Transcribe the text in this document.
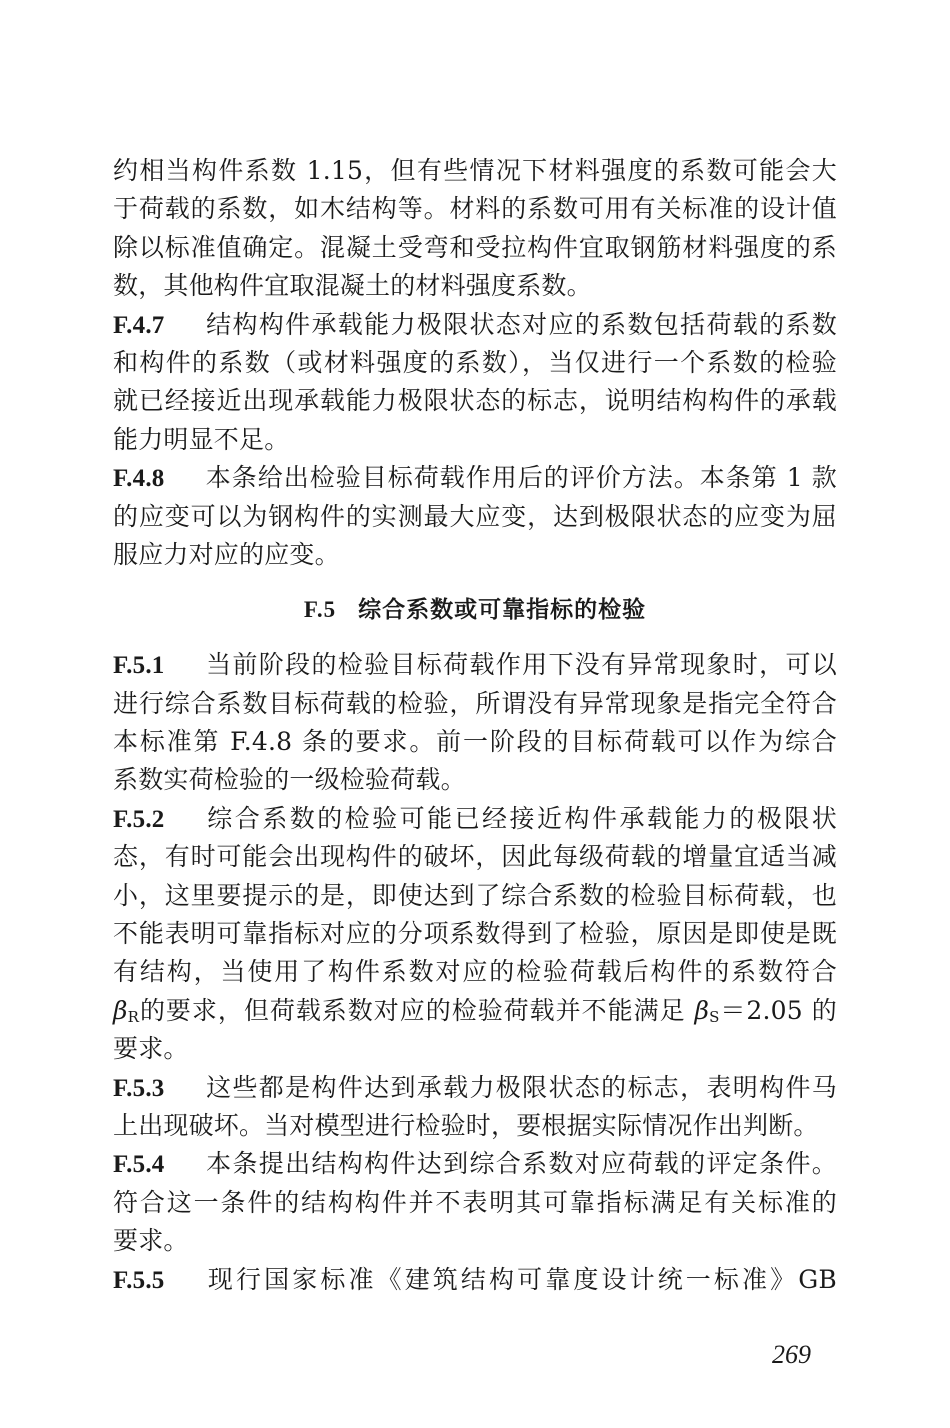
约相当构件系数 1.15，但有些情况下材料强度的系数可能会大
于荷载的系数，如木结构等。材料的系数可用有关标准的设计值
除以标准值确定。混凝土受弯和受拉构件宜取钢筋材料强度的系
数，其他构件宜取混凝土的材料强度系数。
F.4.7 结构构件承载能力极限状态对应的系数包括荷载的系数
和构件的系数（或材料强度的系数），当仅进行一个系数的检验
就已经接近出现承载能力极限状态的标志，说明结构构件的承载
能力明显不足。
F.4.8 本条给出检验目标荷载作用后的评价方法。本条第 1 款
的应变可以为钢构件的实测最大应变，达到极限状态的应变为屈
服应力对应的应变。
F.5 综合系数或可靠指标的检验
F.5.1 当前阶段的检验目标荷载作用下没有异常现象时，可以
进行综合系数目标荷载的检验，所谓没有异常现象是指完全符合
本标准第 F.4.8 条的要求。前一阶段的目标荷载可以作为综合
系数实荷检验的一级检验荷载。
F.5.2 综合系数的检验可能已经接近构件承载能力的极限状
态，有时可能会出现构件的破坏，因此每级荷载的增量宜适当减
小，这里要提示的是，即使达到了综合系数的检验目标荷载，也
不能表明可靠指标对应的分项系数得到了检验，原因是即使是既
有结构，当使用了构件系数对应的检验荷载后构件的系数符合
$\beta_R$的要求，但荷载系数对应的检验荷载并不能满足 $\beta_S=2.05$ 的
要求。
F.5.3 这些都是构件达到承载力极限状态的标志，表明构件马
上出现破坏。当对模型进行检验时，要根据实际情况作出判断。
F.5.4 本条提出结构构件达到综合系数对应荷载的评定条件。
符合这一条件的结构构件并不表明其可靠指标满足有关标准的
要求。
F.5.5 现行国家标准《建筑结构可靠度设计统一标准》GB
269
